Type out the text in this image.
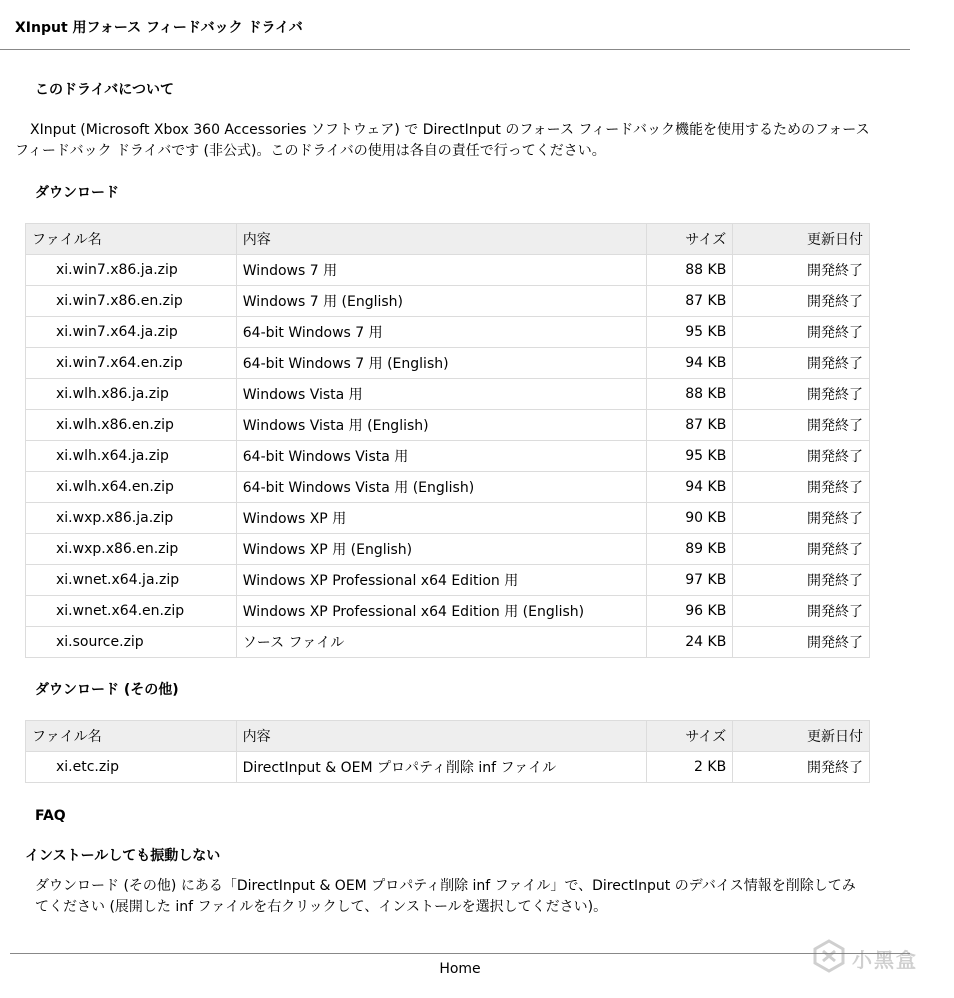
XInput 用フォース フィードバック ドライバ
このドライバについて

XInput (Microsoft Xbox 360 Accessories ソフトウェア) で DirectInput のフォース フィードバック機能を使用するためのフォース

フィードバック ドライバです (非公式)。このドライバの使用は各自の責任で行ってください。

ダウンロード
ファイル名	内容	サイズ	更新日付
xi.win7.x86.ja.zip	Windows 7 用	88 KB	開発終了
xi.win7.x86.en.zip	Windows 7 用 (English)	87 KB	開発終了
xi.win7.x64.ja.zip	64-bit Windows 7 用	95 KB	開発終了
xi.win7.x64.en.zip	64-bit Windows 7 用 (English)	94 KB	開発終了
xi.wlh.x86.ja.zip	Windows Vista 用	88 KB	開発終了
xi.wlh.x86.en.zip	Windows Vista 用 (English)	87 KB	開発終了
xi.wlh.x64.ja.zip	64-bit Windows Vista 用	95 KB	開発終了
xi.wlh.x64.en.zip	64-bit Windows Vista 用 (English)	94 KB	開発終了
xi.wxp.x86.ja.zip	Windows XP 用	90 KB	開発終了
xi.wxp.x86.en.zip	Windows XP 用 (English)	89 KB	開発終了
xi.wnet.x64.ja.zip	Windows XP Professional x64 Edition 用	97 KB	開発終了
xi.wnet.x64.en.zip	Windows XP Professional x64 Edition 用 (English)	96 KB	開発終了
xi.source.zip	ソース ファイル	24 KB	開発終了
ダウンロード (その他)
ファイル名	内容	サイズ	更新日付
xi.etc.zip	DirectInput & OEM プロパティ削除 inf ファイル	2 KB	開発終了
FAQ
インストールしても振動しない

ダウンロード (その他) にある「DirectInput & OEM プロパティ削除 inf ファイル」で、DirectInput のデバイス情報を削除してみ

てください (展開した inf ファイルを右クリックして、インストールを選択してください)。

Home	小黑盒
